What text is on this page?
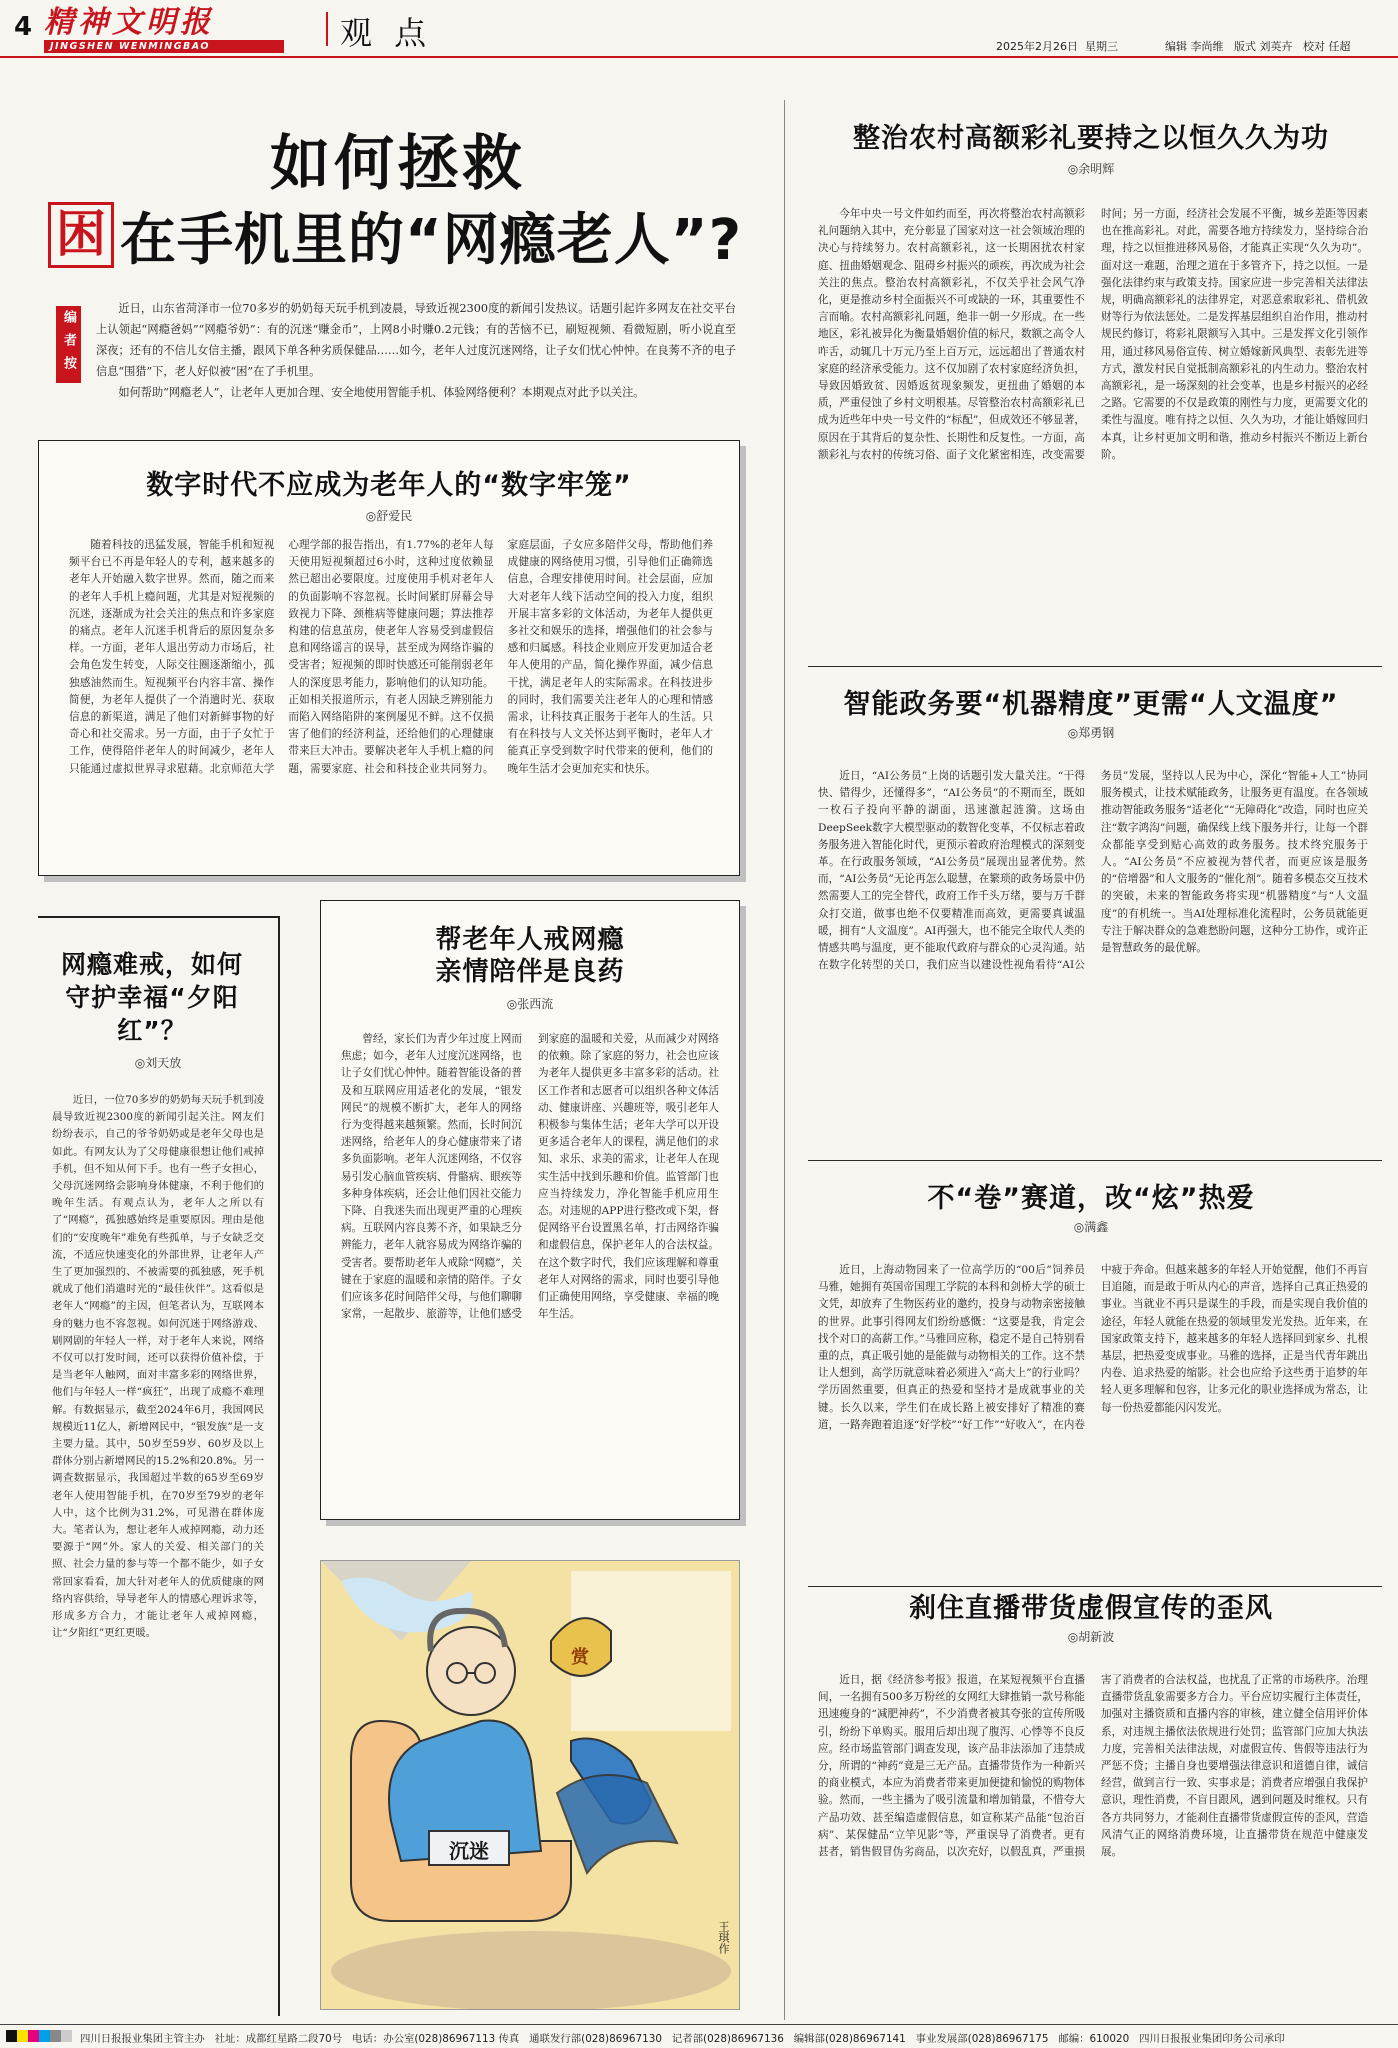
4 精神文明报
JINGSHEN WENMINGBAO	观 点	2025年2月26日  星期三	编辑 李尚维   版式 刘英卉   校对 任超
如何拯救
困 在手机里的“网瘾老人”?
编者按
近日，山东省菏泽市一位70多岁的奶奶每天玩手机到凌晨，导致近视2300度的新闻引发热议。话题引起许多网友在社交平台上认领起“网瘾爸妈”“网瘾爷奶”：有的沉迷“赚金币”，上网8小时赚0.2元钱；有的苦恼不已，刷短视频、看微短剧，听小说直至深夜；还有的不信儿女信主播，跟风下单各种劣质保健品……如今，老年人过度沉迷网络，让子女们忧心忡忡。在良莠不齐的电子信息“围猎”下，老人好似被“困”在了手机里。
如何帮助“网瘾老人”，让老年人更加合理、安全地使用智能手机、体验网络便利？本期观点对此予以关注。
数字时代不应成为老年人的“数字牢笼”
◎ 舒爱民
随着科技的迅猛发展，智能手机和短视频平台已不再是年轻人的专利，越来越多的老年人开始融入数字世界。然而，随之而来的老年人手机上瘾问题，尤其是对短视频的沉迷，逐渐成为社会关注的焦点和许多家庭的痛点。老年人沉迷手机背后的原因复杂多样。一方面，老年人退出劳动力市场后，社会角色发生转变，人际交往圈逐渐缩小，孤独感油然而生。短视频平台内容丰富、操作简便，为老年人提供了一个消遣时光、获取信息的新渠道，满足了他们对新鲜事物的好奇心和社交需求。另一方面，由于子女忙于工作，使得陪伴老年人的时间减少，老年人只能通过虚拟世界寻求慰藉。北京师范大学心理学部的报告指出，有1.77%的老年人每天使用短视频超过6小时，这种过度依赖显然已超出必要限度。过度使用手机对老年人的负面影响不容忽视。长时间紧盯屏幕会导致视力下降、颈椎病等健康问题；算法推荐构建的信息茧房，使老年人容易受到虚假信息和网络谣言的误导，甚至成为网络诈骗的受害者；短视频的即时快感还可能削弱老年人的深度思考能力，影响他们的认知功能。正如相关报道所示，有老人因缺乏辨别能力而陷入网络陷阱的案例屡见不鲜。这不仅损害了他们的经济利益，还给他们的心理健康带来巨大冲击。要解决老年人手机上瘾的问题，需要家庭、社会和科技企业共同努力。家庭层面，子女应多陪伴父母，帮助他们养成健康的网络使用习惯，引导他们正确筛选信息，合理安排使用时间。社会层面，应加大对老年人线下活动空间的投入力度，组织开展丰富多彩的文体活动，为老年人提供更多社交和娱乐的选择，增强他们的社会参与感和归属感。科技企业则应开发更加适合老年人使用的产品，简化操作界面，减少信息干扰，满足老年人的实际需求。在科技进步的同时，我们需要关注老年人的心理和情感需求，让科技真正服务于老年人的生活。只有在科技与人文关怀达到平衡时，老年人才能真正享受到数字时代带来的便利，他们的晚年生活才会更加充实和快乐。
整治农村高额彩礼要持之以恒久久为功
◎ 余明辉
今年中央一号文件如约而至，再次将整治农村高额彩礼问题纳入其中，充分彰显了国家对这一社会领域治理的决心与持续努力。农村高额彩礼，这一长期困扰农村家庭、扭曲婚姻观念、阻碍乡村振兴的顽疾，再次成为社会关注的焦点。整治农村高额彩礼，不仅关乎社会风气净化，更是推动乡村全面振兴不可或缺的一环，其重要性不言而喻。农村高额彩礼问题，绝非一朝一夕形成。在一些地区，彩礼被异化为衡量婚姻价值的标尺，数额之高令人咋舌，动辄几十万元乃至上百万元，远远超出了普通农村家庭的经济承受能力。这不仅加剧了农村家庭经济负担，导致因婚致贫、因婚返贫现象频发，更扭曲了婚姻的本质，严重侵蚀了乡村文明根基。尽管整治农村高额彩礼已成为近些年中央一号文件的“标配”，但成效还不够显著，原因在于其背后的复杂性、长期性和反复性。一方面，高额彩礼与农村的传统习俗、面子文化紧密相连，改变需要时间；另一方面，经济社会发展不平衡，城乡差距等因素也在推高彩礼。对此，需要各地方持续发力，坚持综合治理，持之以恒推进移风易俗，才能真正实现“久久为功”。面对这一难题，治理之道在于多管齐下，持之以恒。一是强化法律约束与政策支持。国家应进一步完善相关法律法规，明确高额彩礼的法律界定，对恶意索取彩礼、借机敛财等行为依法惩处。二是发挥基层组织自治作用，推动村规民约修订，将彩礼限额写入其中。三是发挥文化引领作用，通过移风易俗宣传、树立婚嫁新风典型、表彰先进等方式，激发村民自觉抵制高额彩礼的内生动力。整治农村高额彩礼，是一场深刻的社会变革，也是乡村振兴的必经之路。它需要的不仅是政策的刚性与力度，更需要文化的柔性与温度。唯有持之以恒、久久为功，才能让婚嫁回归本真，让乡村更加文明和谐，推动乡村振兴不断迈上新台阶。
智能政务要“机器精度”更需“人文温度”
◎ 郑勇钢
近日，“AI公务员”上岗的话题引发大量关注。“干得快、错得少，还懂得多”，“AI公务员”的不期而至，既如一枚石子投向平静的湖面，迅速激起涟漪。这场由DeepSeek数字大模型驱动的数智化变革，不仅标志着政务服务进入智能化时代，更预示着政府治理模式的深刻变革。在行政服务领域，“AI公务员”展现出显著优势。然而，“AI公务员”无论再怎么聪慧，在繁琐的政务场景中仍然需要人工的完全替代，政府工作千头万绪，要与万千群众打交道，做事也绝不仅要精准而高效，更需要真诚温暖，拥有“人文温度”。AI再强大，也不能完全取代人类的情感共鸣与温度，更不能取代政府与群众的心灵沟通。站在数字化转型的关口，我们应当以建设性视角看待“AI公务员”发展，坚持以人民为中心，深化“智能+人工”协同服务模式，让技术赋能政务，让服务更有温度。在各领域推动智能政务服务“适老化”“无障碍化”改造，同时也应关注“数字鸿沟”问题，确保线上线下服务并行，让每一个群众都能享受到贴心高效的政务服务。技术终究服务于人。“AI公务员”不应被视为替代者，而更应该是服务的“倍增器”和人文服务的“催化剂”。随着多模态交互技术的突破，未来的智能政务将实现“机器精度”与“人文温度”的有机统一。当AI处理标准化流程时，公务员就能更专注于解决群众的急难愁盼问题，这种分工协作，或许正是智慧政务的最优解。
不“卷”赛道，改“炫”热爱
◎ 满鑫
近日，上海动物园来了一位高学历的“00后”饲养员马雅，她拥有英国帝国理工学院的本科和剑桥大学的硕士文凭，却放弃了生物医药业的邀约，投身与动物亲密接触的世界。此事引得网友们纷纷感慨：“这要是我，肯定会找个对口的高薪工作。”马雅回应称，稳定不是自己特别看重的点，真正吸引她的是能做与动物相关的工作。这不禁让人想到，高学历就意味着必须进入“高大上”的行业吗？学历固然重要，但真正的热爱和坚持才是成就事业的关键。长久以来，学生们在成长路上被安排好了精准的赛道，一路奔跑着追逐“好学校”“好工作”“好收入”，在内卷中疲于奔命。但越来越多的年轻人开始觉醒，他们不再盲目追随，而是敢于听从内心的声音，选择自己真正热爱的事业。当就业不再只是谋生的手段，而是实现自我价值的途径，年轻人就能在热爱的领域里发光发热。近年来，在国家政策支持下，越来越多的年轻人选择回到家乡、扎根基层，把热爱变成事业。马雅的选择，正是当代青年跳出内卷、追求热爱的缩影。社会也应给予这些勇于追梦的年轻人更多理解和包容，让多元化的职业选择成为常态，让每一份热爱都能闪闪发光。
刹住直播带货虚假宣传的歪风
◎ 胡新波
近日，据《经济参考报》报道，在某短视频平台直播间，一名拥有500多万粉丝的女网红大肆推销一款号称能迅速瘦身的“减肥神药”，不少消费者被其夸张的宣传所吸引，纷纷下单购买。服用后却出现了腹泻、心悸等不良反应。经市场监管部门调查发现，该产品非法添加了违禁成分，所谓的“神药”竟是三无产品。直播带货作为一种新兴的商业模式，本应为消费者带来更加便捷和愉悦的购物体验。然而，一些主播为了吸引流量和增加销量，不惜夸大产品功效、甚至编造虚假信息，如宣称某产品能“包治百病”、某保健品“立竿见影”等，严重误导了消费者。更有甚者，销售假冒伪劣商品，以次充好，以假乱真，严重损害了消费者的合法权益，也扰乱了正常的市场秩序。治理直播带货乱象需要多方合力。平台应切实履行主体责任，加强对主播资质和直播内容的审核，建立健全信用评价体系，对违规主播依法依规进行处罚；监管部门应加大执法力度，完善相关法律法规，对虚假宣传、售假等违法行为严惩不贷；主播自身也要增强法律意识和道德自律，诚信经营，做到言行一致、实事求是；消费者应增强自我保护意识，理性消费，不盲目跟风，遇到问题及时维权。只有各方共同努力，才能刹住直播带货虚假宣传的歪风，营造风清气正的网络消费环境，让直播带货在规范中健康发展。
网瘾难戒，如何守护幸福“夕阳红”？
◎ 刘天放
近日，一位70多岁的奶奶每天玩手机到凌晨导致近视2300度的新闻引起关注。网友们纷纷表示，自己的爷爷奶奶或是老年父母也是如此。有网友认为了父母健康很想让他们戒掉手机，但不知从何下手。也有一些子女担心，父母沉迷网络会影响身体健康，不利于他们的晚年生活。有观点认为，老年人之所以有了“网瘾”，孤独感始终是重要原因。理由是他们的“安度晚年”难免有些孤单，与子女缺乏交流，不适应快速变化的外部世界，让老年人产生了更加强烈的、不被需要的孤独感，死手机就成了他们消遣时光的“最佳伙伴”。这看似是老年人“网瘾”的主因，但笔者认为，互联网本身的魅力也不容忽视。如何沉迷于网络游戏、刷网剧的年轻人一样，对于老年人来说，网络不仅可以打发时间，还可以获得价值补偿，于是当老年人触网，面对丰富多彩的网络世界，他们与年轻人一样“疯狂”，出现了成瘾不难理解。有数据显示，截至2024年6月，我国网民规模近11亿人，新增网民中，“银发族”是一支主要力量。其中，50岁至59岁、60岁及以上群体分别占新增网民的15.2%和20.8%。另一调查数据显示，我国超过半数的65岁至69岁老年人使用智能手机，在70岁至79岁的老年人中，这个比例为31.2%，可见潜在群体庞大。笔者认为，想让老年人戒掉网瘾，动力还要源于“网”外。家人的关爱、相关部门的关照、社会力量的参与等一个都不能少，如子女常回家看看，加大针对老年人的优质健康的网络内容供给，导导老年人的情感心理诉求等，形成多方合力，才能让老年人戒掉网瘾，让“夕阳红”更红更暖。
帮老年人戒网瘾
亲情陪伴是良药
◎ 张西流
曾经，家长们为青少年过度上网而焦虑；如今，老年人过度沉迷网络，也让子女们忧心忡忡。随着智能设备的普及和互联网应用适老化的发展，“银发网民”的规模不断扩大，老年人的网络行为变得越来越频繁。然而，长时间沉迷网络，给老年人的身心健康带来了诸多负面影响。老年人沉迷网络，不仅容易引发心脑血管疾病、骨骼病、眼疾等多种身体疾病，还会让他们因社交能力下降、自我迷失而出现更严重的心理疾病。互联网内容良莠不齐，如果缺乏分辨能力，老年人就容易成为网络诈骗的受害者。要帮助老年人戒除“网瘾”，关键在于家庭的温暖和亲情的陪伴。子女们应该多花时间陪伴父母，与他们聊聊家常，一起散步、旅游等，让他们感受到家庭的温暖和关爱，从而减少对网络的依赖。除了家庭的努力，社会也应该为老年人提供更多丰富多彩的活动。社区工作者和志愿者可以组织各种文体活动、健康讲座、兴趣班等，吸引老年人积极参与集体生活；老年大学可以开设更多适合老年人的课程，满足他们的求知、求乐、求美的需求，让老年人在现实生活中找到乐趣和价值。监管部门也应当持续发力，净化智能手机应用生态。对违规的APP进行整改或下架，督促网络平台设置黑名单，打击网络诈骗和虚假信息，保护老年人的合法权益。在这个数字时代，我们应该理解和尊重老年人对网络的需求，同时也要引导他们正确使用网络，享受健康、幸福的晚年生活。
沉迷
赏
王琪作
四川日报报业集团主管主办   社址：成都红星路二段70号   电话：办公室(028)86967113 传真   通联发行部(028)86967130   记者部(028)86967136   编辑部(028)86967141   事业发展部(028)86967175   邮编：610020   四川日报报业集团印务公司承印
